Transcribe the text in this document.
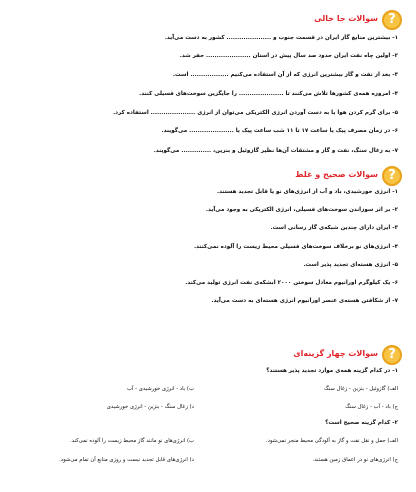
?
سوالات جا خالی
۱- بیشترین منابع گاز ایران در قسمت جنوب و ..................... کشور به دست می‌آید.
۲- اولین چاه نفت ایران حدود صد سال پیش در استان ..................... حفر شد.
۳- بعد از نفت و گاز بیشترین انرژی که از آن استفاده می‌کنیم .................. است.
۴- امروزه همه‌ی کشورها تلاش می‌کنند تا ..................... را جایگزین سوخت‌های فسیلی کنند.
۵- برای گرم کردن هوا یا به دست آوردن انرژی الکتریکی می‌توان از انرژی ..................... استفاده کرد.
۶- در زمان مصرف پیک یا ساعت ۱۷ تا ۱۱ شب ساعت پیک یا ..................... می‌گویند.
۷- به زغال سنگ، نفت و گاز و مشتقات آن‌ها نظیر گازوئیل و بنزین، .............. می‌گویند.
?
سوالات صحیح و غلط
۱- انرژی خورشیدی، باد و آب از انرژی‌های نو یا قابل تجدید هستند.
۲- بر اثر سوزاندن سوخت‌های فسیلی، انرژی الکتریکی به وجود می‌آید.
۳- ایران دارای چندین شبکه‌ی گاز رسانی است.
۴- انرژی‌های نو برخلاف سوخت‌های فسیلی محیط زیست را آلوده نمی‌کنند.
۵- انرژی هسته‌ای تجدید پذیر است.
۶- یک کیلوگرم اورانیوم معادل سوختن ۲۰۰۰ ابشکه‌ی نفت انرژی تولید می‌کند.
۷- از شکافتن هسته‌ی عنصر اورانیوم انرژی هسته‌ای به دست می‌آید.
?
سوالات چهار گزینه‌ای
۱- در کدام گزینه همه‌ی موارد تجدید پذیر هستند؟
الف) گازوئیل - بنزین - زغال سنگ
ب) باد - انرژی خورشیدی - آب
ج) باد - آب - زغال سنگ
د) زغال سنگ - بنزین - انرژی خورشیدی
۲- کدام گزینه صحیح است؟
الف) حمل و نقل نفت و گاز به آلودگی محیط منجر نمی‌شود.
ب) انرژی‌های نو مانند گاز محیط زیست را آلوده نمی‌کند.
ج) انرژی‌های نو در اعماق زمین هستند.
د) انرژی‌های قابل تجدید نیست و روزی منابع آن تمام می‌شود.
